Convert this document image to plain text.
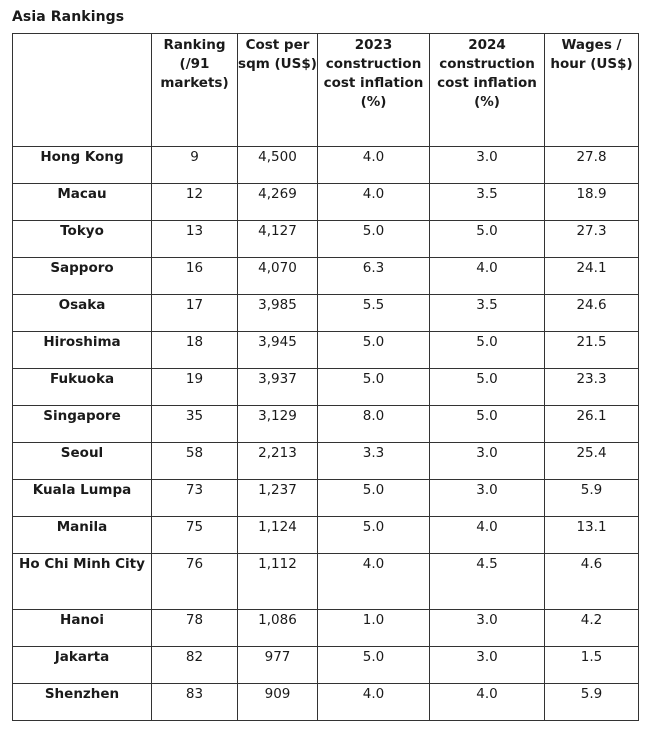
Asia Rankings
	Ranking (/91 markets)	Cost per sqm (US$)	2023 construction cost inflation (%)	2024 construction cost inflation (%)	Wages / hour (US$)
Hong Kong	9	4,500	4.0	3.0	27.8
Macau	12	4,269	4.0	3.5	18.9
Tokyo	13	4,127	5.0	5.0	27.3
Sapporo	16	4,070	6.3	4.0	24.1
Osaka	17	3,985	5.5	3.5	24.6
Hiroshima	18	3,945	5.0	5.0	21.5
Fukuoka	19	3,937	5.0	5.0	23.3
Singapore	35	3,129	8.0	5.0	26.1
Seoul	58	2,213	3.3	3.0	25.4
Kuala Lumpa	73	1,237	5.0	3.0	5.9
Manila	75	1,124	5.0	4.0	13.1
Ho Chi Minh City	76	1,112	4.0	4.5	4.6
Hanoi	78	1,086	1.0	3.0	4.2
Jakarta	82	977	5.0	3.0	1.5
Shenzhen	83	909	4.0	4.0	5.9
